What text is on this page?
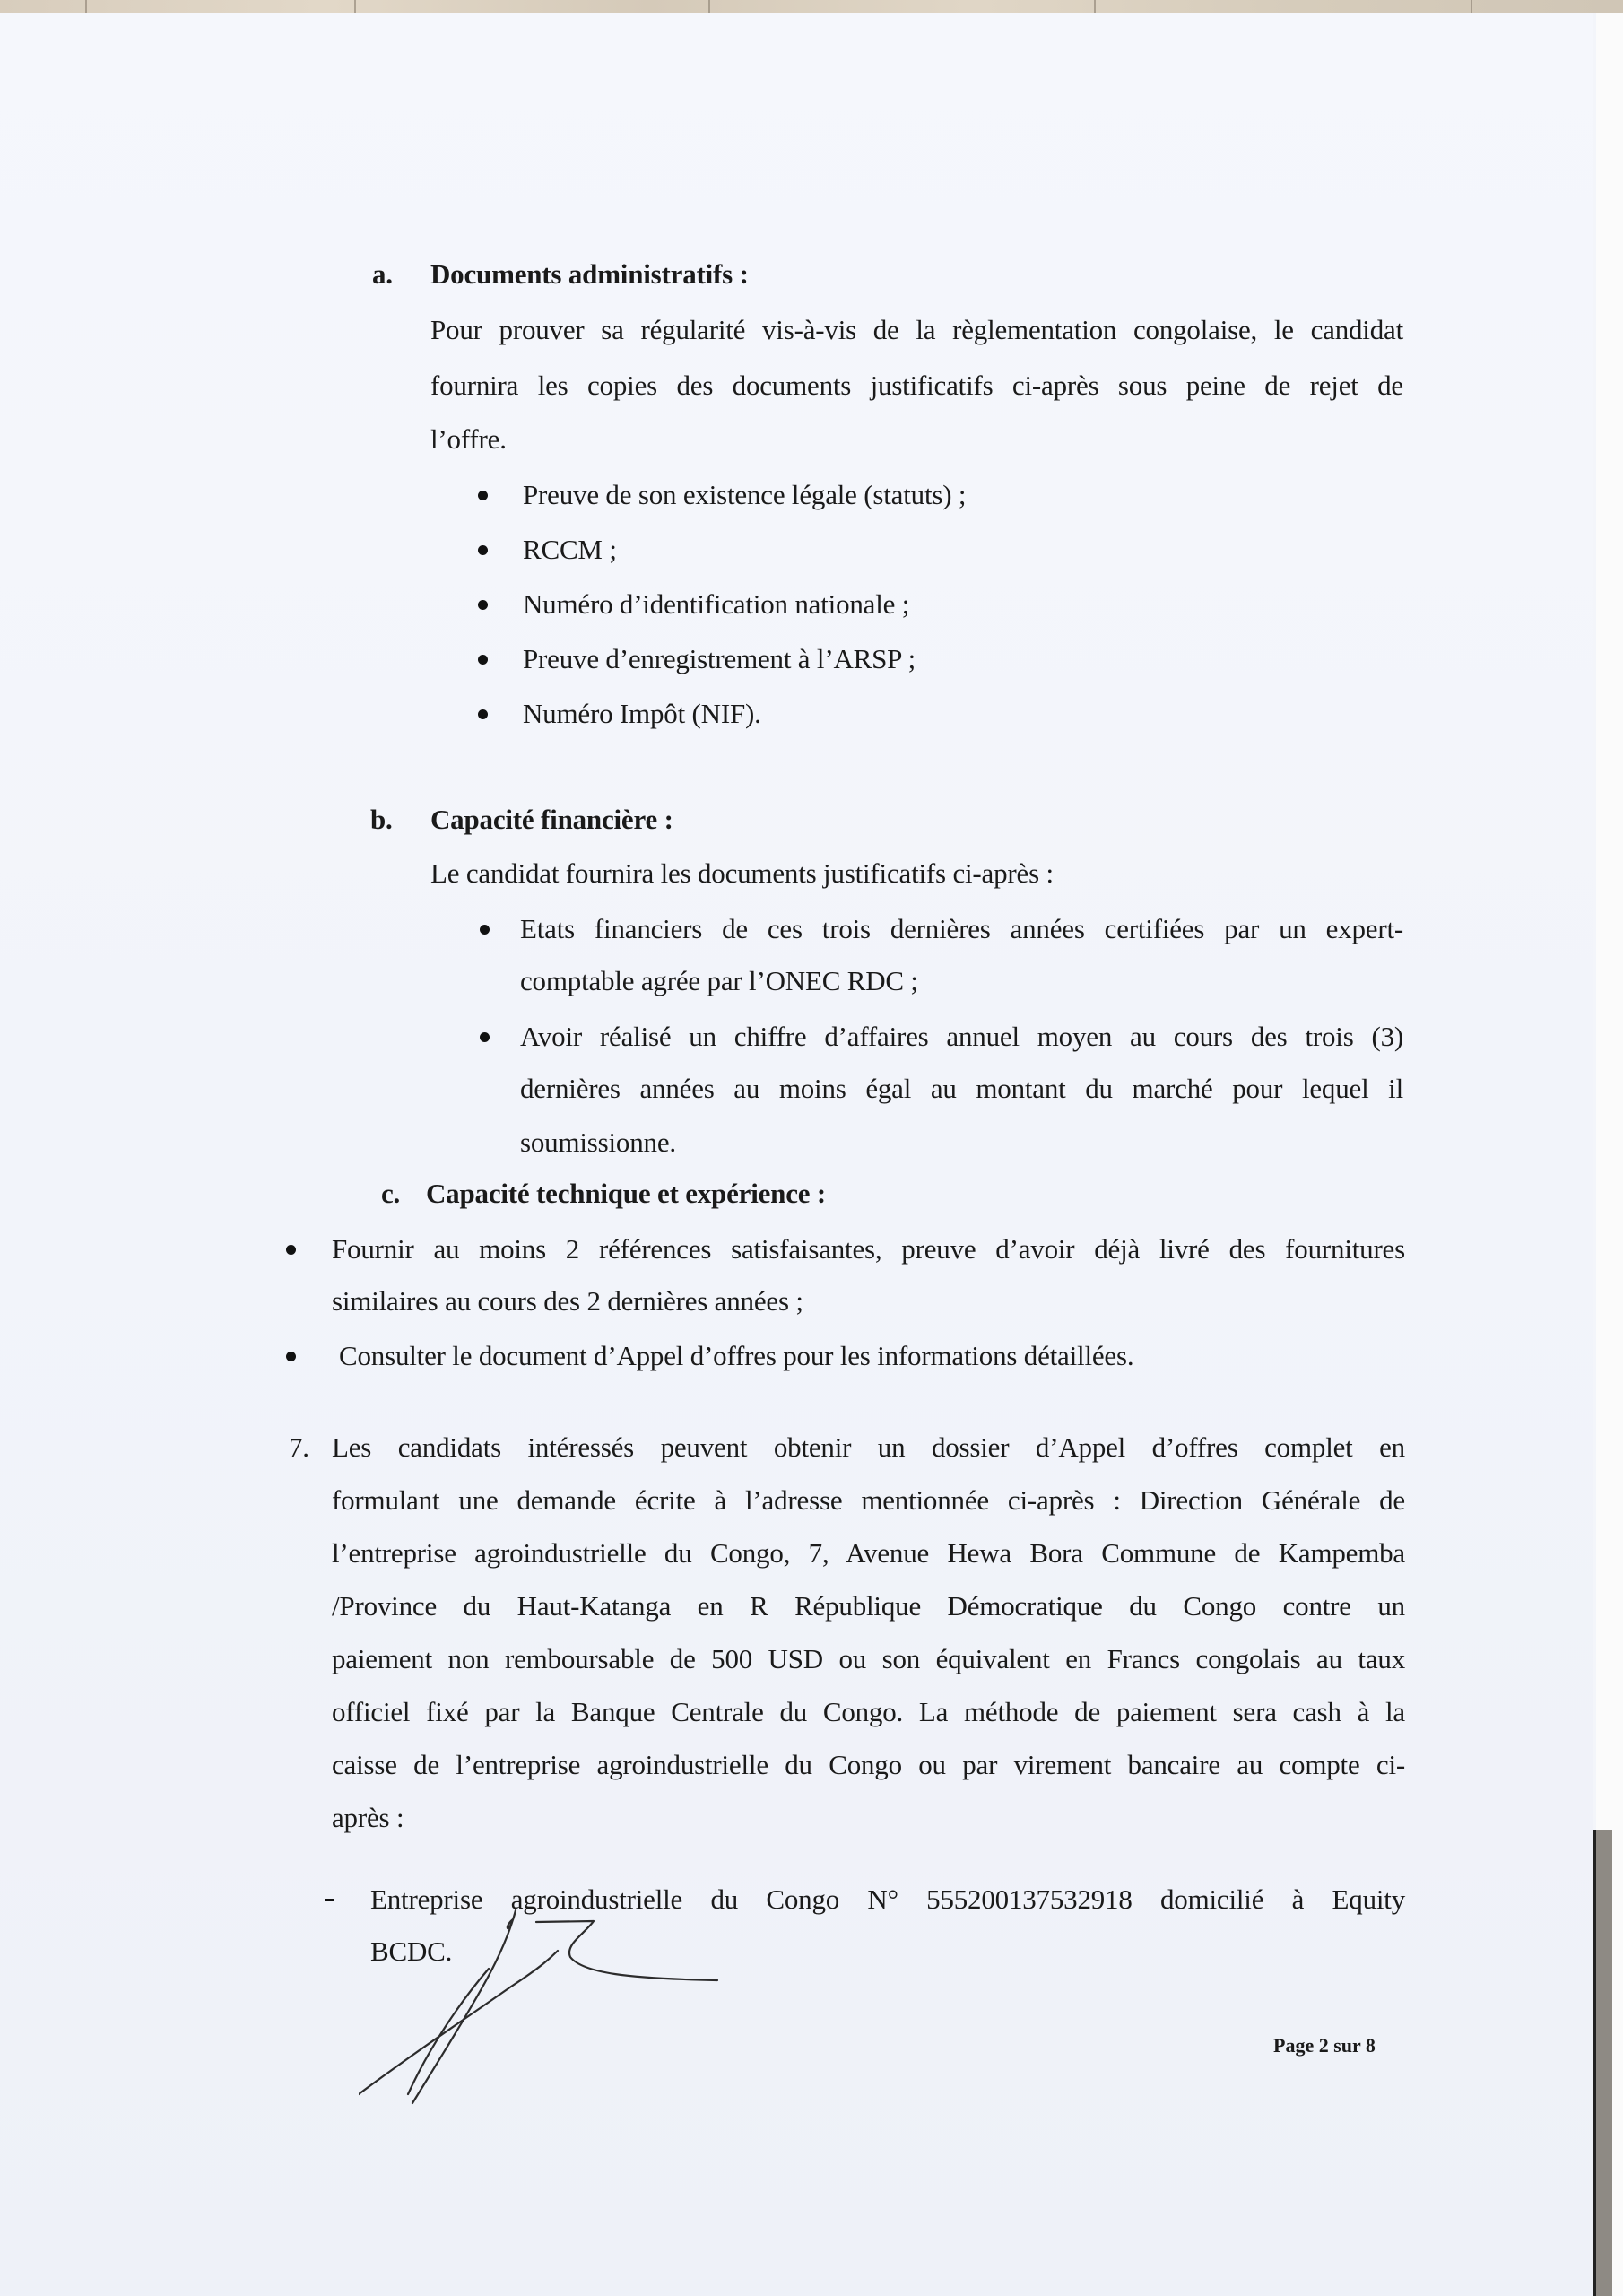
a. Documents administratifs :
Pour prouver sa régularité vis-à-vis de la règlementation congolaise, le candidat
fournira les copies des documents justificatifs ci-après sous peine de rejet de
l’offre.
Preuve de son existence légale (statuts) ;
RCCM ;
Numéro d’identification nationale ;
Preuve d’enregistrement à l’ARSP ;
Numéro Impôt (NIF).
b. Capacité financière :
Le candidat fournira les documents justificatifs ci-après :
Etats financiers de ces trois dernières années certifiées par un expert-
comptable agrée par l’ONEC RDC ;
Avoir réalisé un chiffre d’affaires annuel moyen au cours des trois (3)
dernières années au moins égal au montant du marché pour lequel il
soumissionne.
c. Capacité technique et expérience :
Fournir au moins 2 références satisfaisantes, preuve d’avoir déjà livré des fournitures
similaires au cours des 2 dernières années ;
Consulter le document d’Appel d’offres pour les informations détaillées.
7. Les candidats intéressés peuvent obtenir un dossier d’Appel d’offres complet en
formulant une demande écrite à l’adresse mentionnée ci-après : Direction Générale de
l’entreprise agroindustrielle du Congo, 7, Avenue Hewa Bora Commune de Kampemba
/Province du Haut-Katanga en R République Démocratique du Congo contre un
paiement non remboursable de 500 USD ou son équivalent en Francs congolais au taux
officiel fixé par la Banque Centrale du Congo. La méthode de paiement sera cash à la
caisse de l’entreprise agroindustrielle du Congo ou par virement bancaire au compte ci-
après :
Entreprise agroindustrielle du Congo N° 555200137532918 domicilié à Equity
BCDC.
Page 2 sur 8
